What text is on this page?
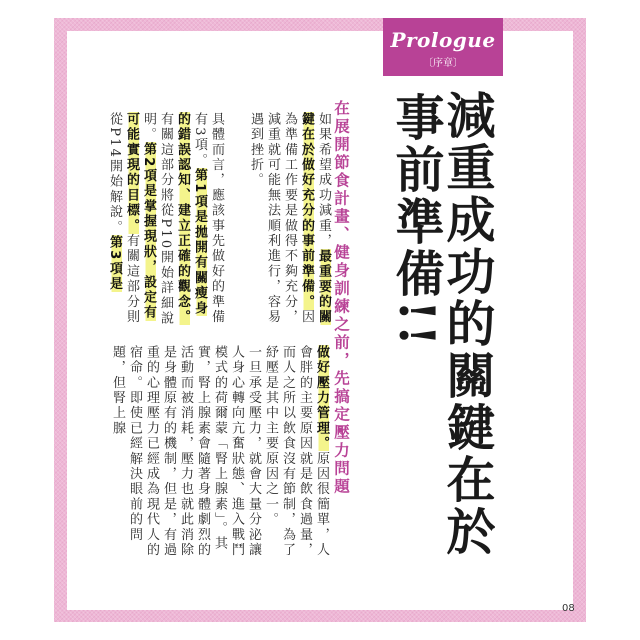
Prologue
〔序章〕
減重成功的關鍵在於
事前準備!!
在展開節食計畫、健身訓練之前，先搞定壓力問題
如果希望成功減重，最重要的關鍵在於做好充分的事前準備。因為準備工作要是做得不夠充分，減重就可能無法順利進行，容易遇到挫折。
具體而言，應該事先做好的準備有3項。第1項是拋開有關瘦身的錯誤認知、建立正確的觀念。有關這部分將從P10開始詳細說明。第2項是掌握現狀，設定有可能實現的目標。有關這部分則從P14開始解說。第3項是
做好壓力管理。原因很簡單，人會胖的主要原因就是飲食過量，而人之所以飲食沒有節制，為了紓壓是其中主要原因之一。
一旦承受壓力，就會大量分泌讓人身心轉向亢奮狀態、進入戰鬥模式的荷爾蒙「腎上腺素」。其實，腎上腺素會隨著身體劇烈的活動而被消耗，壓力也就此消除是身體原有的機制，但是，有過重的心理壓力已經成為現代人的宿命。即使已經解決眼前的問題，但腎上腺
08
